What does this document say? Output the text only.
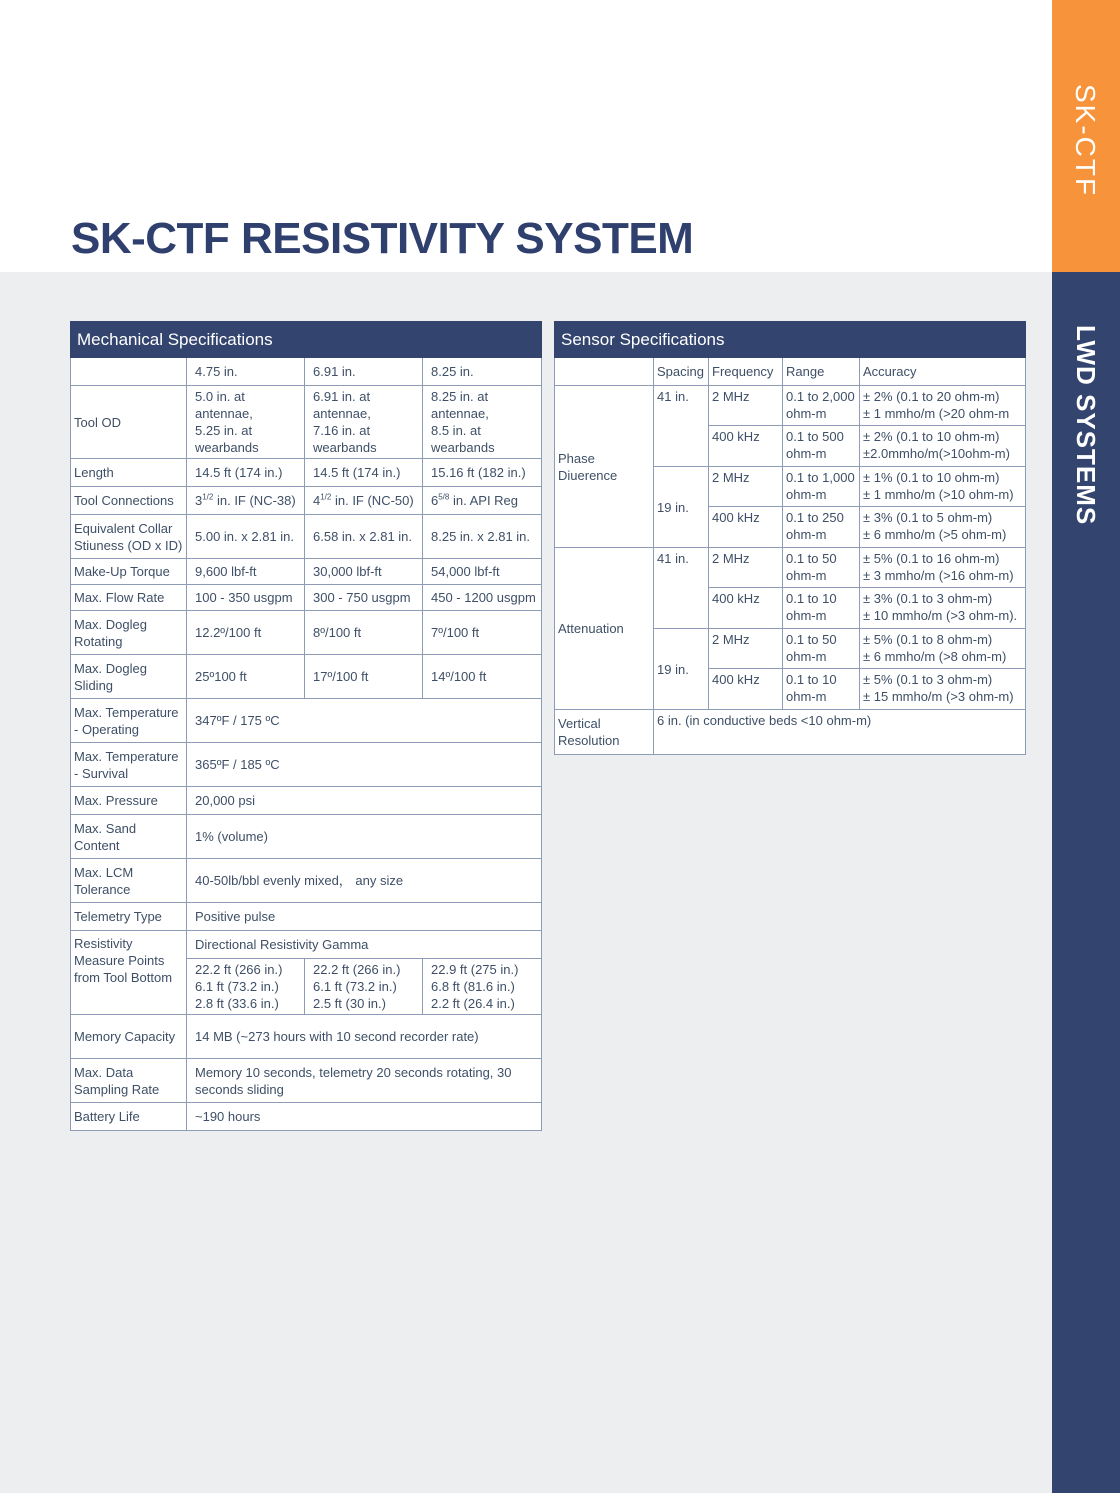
SK-CTF
LWD SYSTEMS
SK-CTF RESISTIVITY SYSTEM
Mechanical Specifications			
	4.75 in.	6.91 in.	8.25 in.
Tool OD	5.0 in. at
antennae,
5.25 in. at
wearbands	6.91 in. at
antennae,
7.16 in. at
wearbands	8.25 in. at
antennae,
8.5 in. at
wearbands

Length	14.5 ft (174 in.)	14.5 ft (174 in.)	15.16 ft (182 in.)
Tool Connections	$3^{1/2}$ in. IF (NC-38)	$4^{1/2}$ in. IF (NC-50)	$6^{5/8}$ in. API Reg
Equivalent Collar Stiuness (OD x ID)	5.00 in. x 2.81 in.	6.58 in. x 2.81 in.	8.25 in. x 2.81 in.
Make-Up Torque	9,600 lbf-ft	30,000 lbf-ft	54,000 lbf-ft
Max. Flow Rate	100 - 350 usgpm	300 - 750 usgpm	450 - 1200 usgpm
Max. Dogleg Rotating	12.2º/100 ft	8º/100 ft	7º/100 ft
Max. Dogleg Sliding	25º100 ft	17º/100 ft	14º/100 ft
Max. Temperature - Operating	347ºF / 175 ºC		
Max. Temperature - Survival	365ºF / 185 ºC		
Max. Pressure	20,000 psi		
Max. Sand Content	1% (volume)		
Max. LCM Tolerance	40-50lb/bbl evenly mixed， any size		
Telemetry Type	Positive pulse		
Resistivity Measure Points from Tool Bottom	Directional Resistivity Gamma		

	22.2 ft (266 in.)
6.1 ft (73.2 in.)
2.8 ft (33.6 in.)	22.2 ft (266 in.)
6.1 ft (73.2 in.)
2.5 ft (30 in.)	22.9 ft (275 in.)
6.8 ft (81.6 in.)
2.2 ft (26.4 in.)

Memory Capacity	14 MB (~273 hours with 10 second recorder rate)		
Max. Data Sampling Rate	Memory 10 seconds, telemetry 20 seconds rotating, 30 seconds sliding		
Battery Life	~190 hours		
Sensor Specifications				
	Spacing	Frequency	Range	Accuracy
Phase Diuerence	41 in.	2 MHz	0.1 to 2,000 ohm-m	± 2% (0.1 to 20 ohm-m)
± 1 mmho/m (>20 ohm-m

		400 kHz	0.1 to 500 ohm-m	± 2% (0.1 to 10 ohm-m)
±2.0mmho/m(>10ohm-m)

	19 in.	2 MHz	0.1 to 1,000 ohm-m	± 1% (0.1 to 10 ohm-m)
± 1 mmho/m (>10 ohm-m)

		400 kHz	0.1 to 250 ohm-m	± 3% (0.1 to 5 ohm-m)
± 6 mmho/m (>5 ohm-m)

Attenuation	41 in.	2 MHz	0.1 to 50 ohm-m	± 5% (0.1 to 16 ohm-m)
± 3 mmho/m (>16 ohm-m)

		400 kHz	0.1 to 10 ohm-m	± 3% (0.1 to 3 ohm-m)
± 10 mmho/m (>3 ohm-m).

	19 in.	2 MHz	0.1 to 50 ohm-m	± 5% (0.1 to 8 ohm-m)
± 6 mmho/m (>8 ohm-m)

		400 kHz	0.1 to 10 ohm-m	± 5% (0.1 to 3 ohm-m)
± 15 mmho/m (>3 ohm-m)

Vertical Resolution	6 in. (in conductive beds <10 ohm-m)			
